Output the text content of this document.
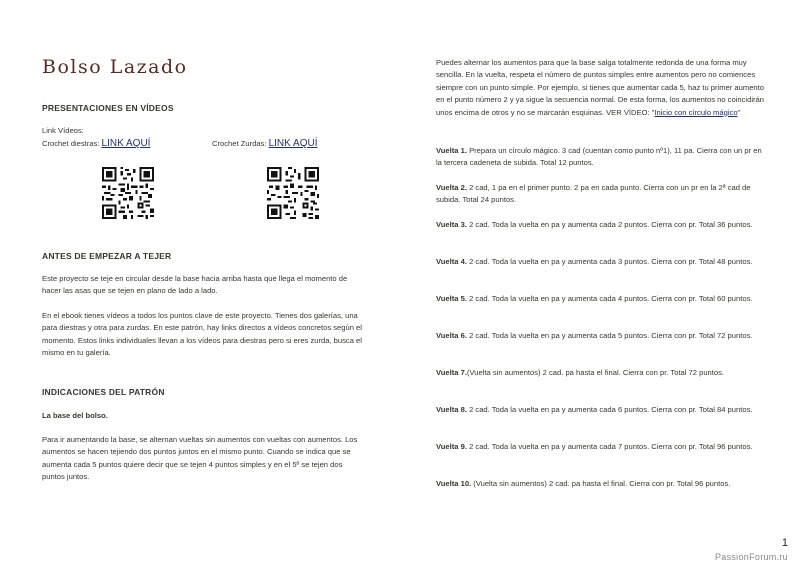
Bolso Lazado
PRESENTACIONES EN VÍDEOS
Link Vídeos:
Crochet diestras: LINK AQUÍ	Crochet Zurdas: LINK AQUÍ
ANTES DE EMPEZAR A TEJER

Este proyecto se teje en circular desde la base hacia arriba hasta que llega el momento de hacer las asas que se tejen en plano de lado a lado.

En el ebook tienes vídeos a todos los puntos clave de este proyecto. Tienes dos galerías, una para diestras y otra para zurdas. En este patrón, hay links directos a vídeos concretos según el momento. Estos links individuales llevan a los vídeos para diestras pero si eres zurda, busca el mismo en tu galería.

INDICACIONES DEL PATRÓN

La base del bolso.

Para ir aumentando la base, se alternan vueltas sin aumentos con vueltas con aumentos. Los aumentos se hacen tejiendo dos puntos juntos en el mismo punto. Cuando se indica que se aumenta cada 5 puntos quiere decir que se tejen 4 puntos simples y en el 5º se tejen dos puntos juntos.

Puedes alternar los aumentos para que la base salga totalmente redonda de una forma muy sencilla. En la vuelta, respeta el número de puntos simples entre aumentos pero no comiences siempre con un punto simple. Por ejemplo, si tienes que aumentar cada 5, haz tu primer aumento en el punto número 2 y ya sigue la secuencia normal. De esta forma, los aumentos no coincidirán unos encima de otros y no se marcarán esquinas. VER VÍDEO: "Inicio con círculo mágico"

Vuelta 1. Prepara un círculo mágico. 3 cad (cuentan como punto nº1), 11 pa. Cierra con un pr en la tercera cadeneta de subida. Total 12 puntos.

Vuelta 2. 2 cad, 1 pa en el primer punto. 2 pa en cada punto. Cierra con un pr en la 2ª cad de subida. Total 24 puntos.

Vuelta 3. 2 cad. Toda la vuelta en pa y aumenta cada 2 puntos. Cierra con pr. Total 36 puntos.

Vuelta 4. 2 cad. Toda la vuelta en pa y aumenta cada 3 puntos. Cierra con pr. Total 48 puntos.

Vuelta 5. 2 cad. Toda la vuelta en pa y aumenta cada 4 puntos. Cierra con pr. Total 60 puntos.

Vuelta 6. 2 cad. Toda la vuelta en pa y aumenta cada 5 puntos. Cierra con pr. Total 72 puntos.

Vuelta 7.(Vuelta sin aumentos) 2 cad. pa hasta el final. Cierra con pr. Total 72 puntos.

Vuelta 8. 2 cad. Toda la vuelta en pa y aumenta cada 6 puntos. Cierra con pr. Total 84 puntos.

Vuelta 9. 2 cad. Toda la vuelta en pa y aumenta cada 7 puntos. Cierra con pr. Total 96 puntos.

Vuelta 10. (Vuelta sin aumentos) 2 cad. pa hasta el final. Cierra con pr. Total 96 puntos.

1
PassionForum.ru
